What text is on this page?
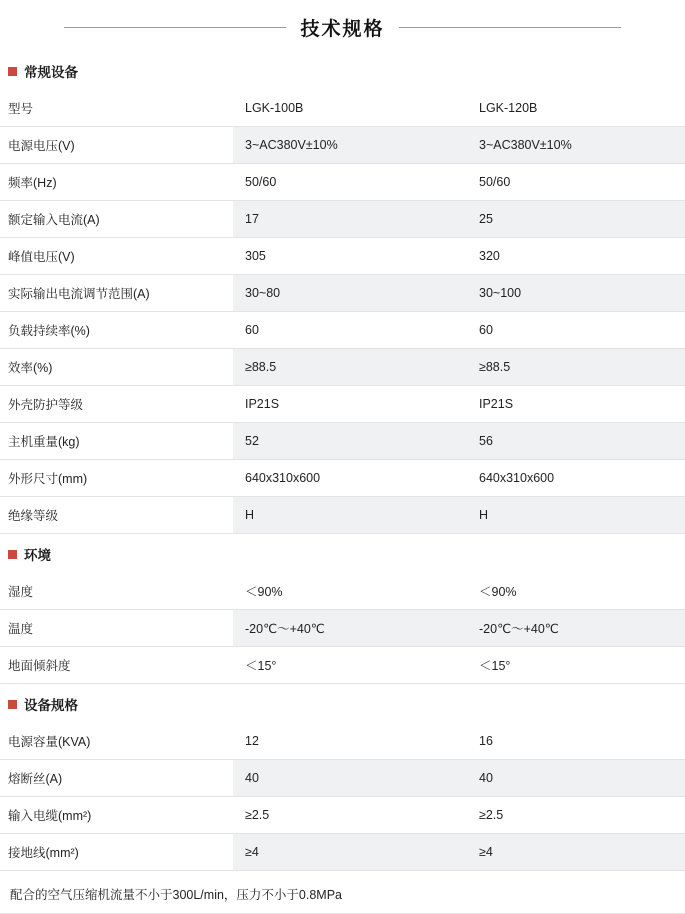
技术规格
常规设备
型号	LGK-100B	LGK-120B
电源电压(V)	3~AC380V±10%	3~AC380V±10%
频率(Hz)	50/60	50/60
额定输入电流(A)	17	25
峰值电压(V)	305	320
实际输出电流调节范围(A)	30~80	30~100
负载持续率(%)	60	60
效率(%)	≥88.5	≥88.5
外壳防护等级	IP21S	IP21S
主机重量(kg)	52	56
外形尺寸(mm)	640x310x600	640x310x600
绝缘等级	H	H
环境
湿度	＜90%	＜90%
温度	-20℃～+40℃	-20℃～+40℃
地面倾斜度	＜15°	＜15°
设备规格
电源容量(KVA)	12	16
熔断丝(A)	40	40
输入电缆(mm²)	≥2.5	≥2.5
接地线(mm²)	≥4	≥4
配合的空气压缩机流量不小于300L/min，压力不小于0.8MPa
